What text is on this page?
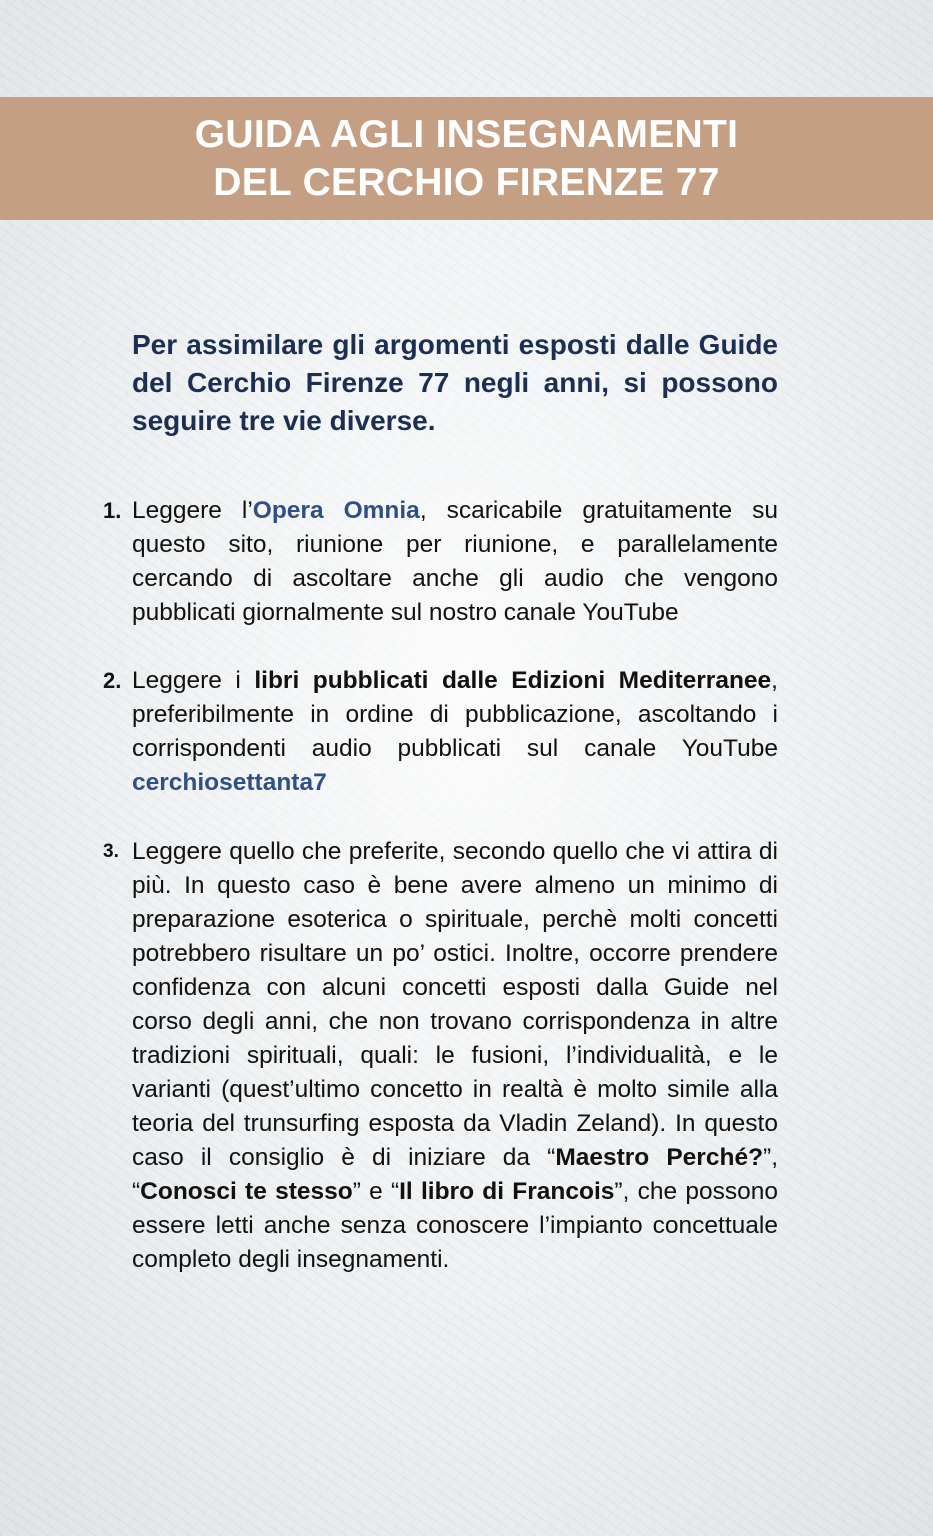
GUIDA AGLI INSEGNAMENTI
DEL CERCHIO FIRENZE 77
Per assimilare gli argomenti esposti dalle Guide del Cerchio Firenze 77 negli anni, si possono seguire tre vie diverse.
1. Leggere l’Opera Omnia, scaricabile gratuitamente su questo sito, riunione per riunione, e parallelamente cercando di ascoltare anche gli audio che vengono pubblicati giornalmente sul nostro canale YouTube
2. Leggere i libri pubblicati dalle Edizioni Mediterranee, preferibilmente in ordine di pubblicazione, ascoltando i corrispondenti audio pubblicati sul canale YouTube cerchiosettanta7
3. Leggere quello che preferite, secondo quello che vi attira di più. In questo caso è bene avere almeno un minimo di preparazione esoterica o spirituale, perchè molti concetti potrebbero risultare un po’ ostici. Inoltre, occorre prendere confidenza con alcuni concetti esposti dalla Guide nel corso degli anni, che non trovano corrispondenza in altre tradizioni spirituali, quali: le fusioni, l’individualità, e le varianti (quest’ultimo concetto in realtà è molto simile alla teoria del trunsurfing esposta da Vladin Zeland). In questo caso il consiglio è di iniziare da “Maestro Perché?”, “Conosci te stesso” e “Il libro di Francois”, che possono essere letti anche senza conoscere l’impianto concettuale completo degli insegnamenti.
